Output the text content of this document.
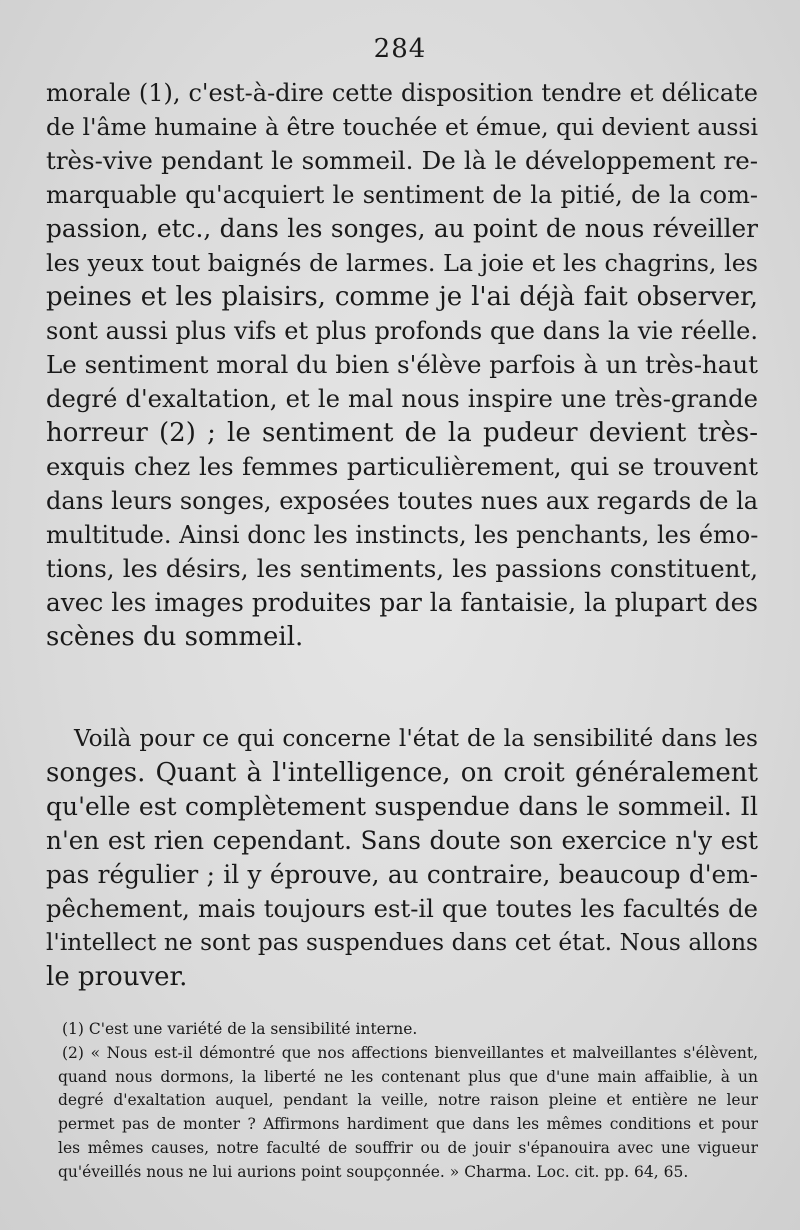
284
morale (1), c'est-à-dire cette disposition tendre et délicate
de l'âme humaine à être touchée et émue, qui devient aussi
très-vive pendant le sommeil. De là le développement re-
marquable qu'acquiert le sentiment de la pitié, de la com-
passion, etc., dans les songes, au point de nous réveiller
les yeux tout baignés de larmes. La joie et les chagrins, les
peines et les plaisirs, comme je l'ai déjà fait observer,
sont aussi plus vifs et plus profonds que dans la vie réelle.
Le sentiment moral du bien s'élève parfois à un très-haut
degré d'exaltation, et le mal nous inspire une très-grande
horreur (2) ; le sentiment de la pudeur devient très-
exquis chez les femmes particulièrement, qui se trouvent
dans leurs songes, exposées toutes nues aux regards de la
multitude. Ainsi donc les instincts, les penchants, les émo-
tions, les désirs, les sentiments, les passions constituent,
avec les images produites par la fantaisie, la plupart des
scènes du sommeil.
Voilà pour ce qui concerne l'état de la sensibilité dans les
songes. Quant à l'intelligence, on croit généralement
qu'elle est complètement suspendue dans le sommeil. Il
n'en est rien cependant. Sans doute son exercice n'y est
pas régulier ; il y éprouve, au contraire, beaucoup d'em-
pêchement, mais toujours est-il que toutes les facultés de
l'intellect ne sont pas suspendues dans cet état. Nous allons
le prouver.
(1) C'est une variété de la sensibilité interne.
(2) « Nous est-il démontré que nos affections bienveillantes et malveillantes s'élèvent,
quand nous dormons, la liberté ne les contenant plus que d'une main affaiblie, à un
degré d'exaltation auquel, pendant la veille, notre raison pleine et entière ne leur
permet pas de monter ? Affirmons hardiment que dans les mêmes conditions et pour
les mêmes causes, notre faculté de souffrir ou de jouir s'épanouira avec une vigueur
qu'éveillés nous ne lui aurions point soupçonnée. » Charma. Loc. cit. pp. 64, 65.
